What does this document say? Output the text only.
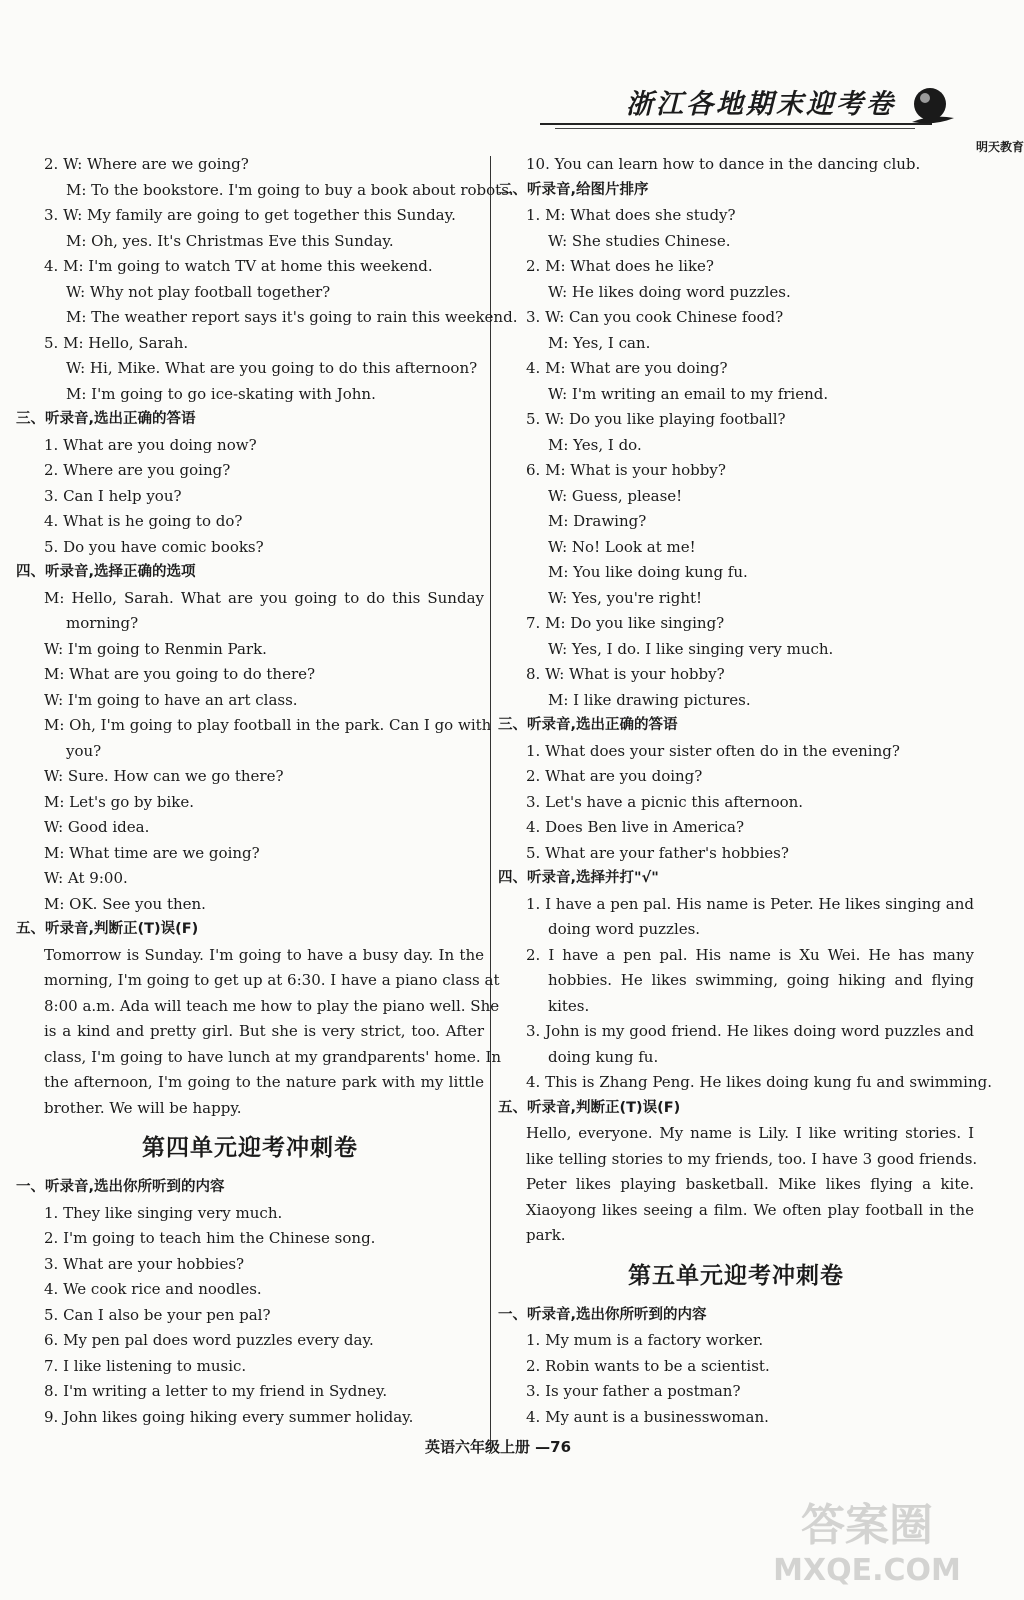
浙江各地期末迎考卷
明天教育
2. W: Where are we going?
M: To the bookstore. I'm going to buy a book about robots.
3. W: My family are going to get together this Sunday.
M: Oh, yes. It's Christmas Eve this Sunday.
4. M: I'm going to watch TV at home this weekend.
W: Why not play football together?
M: The weather report says it's going to rain this weekend.
5. M: Hello, Sarah.
W: Hi, Mike. What are you going to do this afternoon?
M: I'm going to go ice-skating with John.
三、听录音,选出正确的答语
1. What are you doing now?
2. Where are you going?
3. Can I help you?
4. What is he going to do?
5. Do you have comic books?
四、听录音,选择正确的选项
M: Hello, Sarah. What are you going to do this Sunday
morning?
W: I'm going to Renmin Park.
M: What are you going to do there?
W: I'm going to have an art class.
M: Oh, I'm going to play football in the park. Can I go with
you?
W: Sure. How can we go there?
M: Let's go by bike.
W: Good idea.
M: What time are we going?
W: At 9:00.
M: OK. See you then.
五、听录音,判断正(T)误(F)
Tomorrow is Sunday. I'm going to have a busy day. In the
morning, I'm going to get up at 6:30. I have a piano class at
8:00 a.m. Ada will teach me how to play the piano well. She
is a kind and pretty girl. But she is very strict, too. After
class, I'm going to have lunch at my grandparents' home. In
the afternoon, I'm going to the nature park with my little
brother. We will be happy.
第四单元迎考冲刺卷
一、听录音,选出你所听到的内容
1. They like singing very much.
2. I'm going to teach him the Chinese song.
3. What are your hobbies?
4. We cook rice and noodles.
5. Can I also be your pen pal?
6. My pen pal does word puzzles every day.
7. I like listening to music.
8. I'm writing a letter to my friend in Sydney.
9. John likes going hiking every summer holiday.
10. You can learn how to dance in the dancing club.
二、听录音,给图片排序
1. M: What does she study?
W: She studies Chinese.
2. M: What does he like?
W: He likes doing word puzzles.
3. W: Can you cook Chinese food?
M: Yes, I can.
4. M: What are you doing?
W: I'm writing an email to my friend.
5. W: Do you like playing football?
M: Yes, I do.
6. M: What is your hobby?
W: Guess, please!
M: Drawing?
W: No! Look at me!
M: You like doing kung fu.
W: Yes, you're right!
7. M: Do you like singing?
W: Yes, I do. I like singing very much.
8. W: What is your hobby?
M: I like drawing pictures.
三、听录音,选出正确的答语
1. What does your sister often do in the evening?
2. What are you doing?
3. Let's have a picnic this afternoon.
4. Does Ben live in America?
5. What are your father's hobbies?
四、听录音,选择并打"√"
1. I have a pen pal. His name is Peter. He likes singing and
doing word puzzles.
2. I have a pen pal. His name is Xu Wei. He has many
hobbies. He likes swimming, going hiking and flying
kites.
3. John is my good friend. He likes doing word puzzles and
doing kung fu.
4. This is Zhang Peng. He likes doing kung fu and swimming.
五、听录音,判断正(T)误(F)
Hello, everyone. My name is Lily. I like writing stories. I
like telling stories to my friends, too. I have 3 good friends.
Peter likes playing basketball. Mike likes flying a kite.
Xiaoyong likes seeing a film. We often play football in the
park.
第五单元迎考冲刺卷
一、听录音,选出你所听到的内容
1. My mum is a factory worker.
2. Robin wants to be a scientist.
3. Is your father a postman?
4. My aunt is a businesswoman.
英语六年级上册 —76
答案圈
MXQE.COM
